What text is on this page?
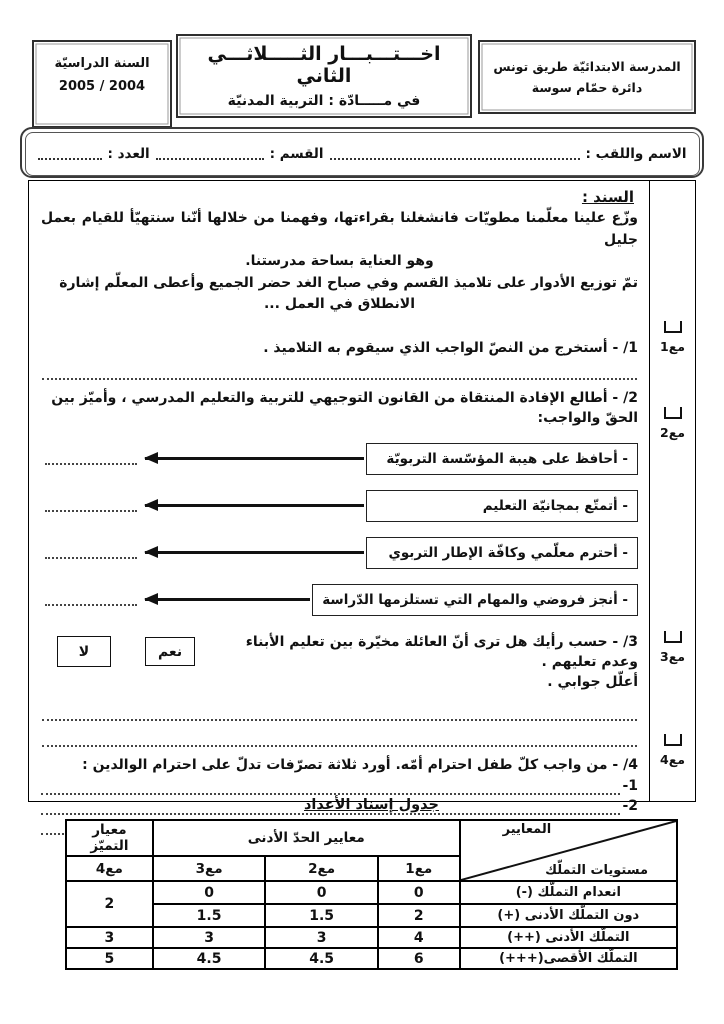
المدرسة الابتدائيّة طريق تونس
دائرة حمّام سوسة
اخـــتـــبـــار الثـــــلاثـــي الثاني
في مـــــادّة : التربية المدنيّة
السنة الدراسيّة
2005 / 2004
الاسم واللقب :
القسم :
العدد :
مع1
مع2
مع3
مع4
السند :
وزّع علينا معلّمنا مطويّات فانشغلنا بقراءتها، وفهمنا من خلالها أنّنا سنتهيّأ للقيام بعمل جليل
وهو العناية بساحة مدرستنا.
تمّ توزيع الأدوار على تلاميذ القسم وفي صباح الغد حضر الجميع وأعطى المعلّم إشارة
الانطلاق في العمل ...
1/ - أستخرج من النصّ الواجب الذي سيقوم به التلاميذ .
2/ - أطالع الإفادة المنتقاة من القانون التوجيهي للتربية والتعليم المدرسي ، وأميّز بين الحقّ والواجب:
- أحافظ على هيبة المؤسّسة التربويّة
- أتمتّع بمجانيّة التعليم
- أحترم معلّمي وكافّة الإطار التربوي
- أنجز فروضي والمهام التي تستلزمها الدّراسة
3/ - حسب رأيك هل ترى أنّ العائلة مخيّرة بين تعليم الأبناء وعدم تعليهم .
نعم
لا
أعلّل جوابي .
4/ - من واجب كلّ طفل احترام أمّه. أورد ثلاثة تصرّفات تدلّ على احترام الوالدين :
1-
2-
جدول إسناد الأعداد
المعايير
مستويات التملّك	معايير الحدّ الأدنى			معيار التميّز
	مع1	مع2	مع3	مع4
انعدام التملّك (-)	0	0	0	2
دون التملّك الأدنى (+)	2	1.5	1.5	
التملّك الأدنى (++)	4	3	3	3
التملّك الأقصى(+++)	6	4.5	4.5	5
